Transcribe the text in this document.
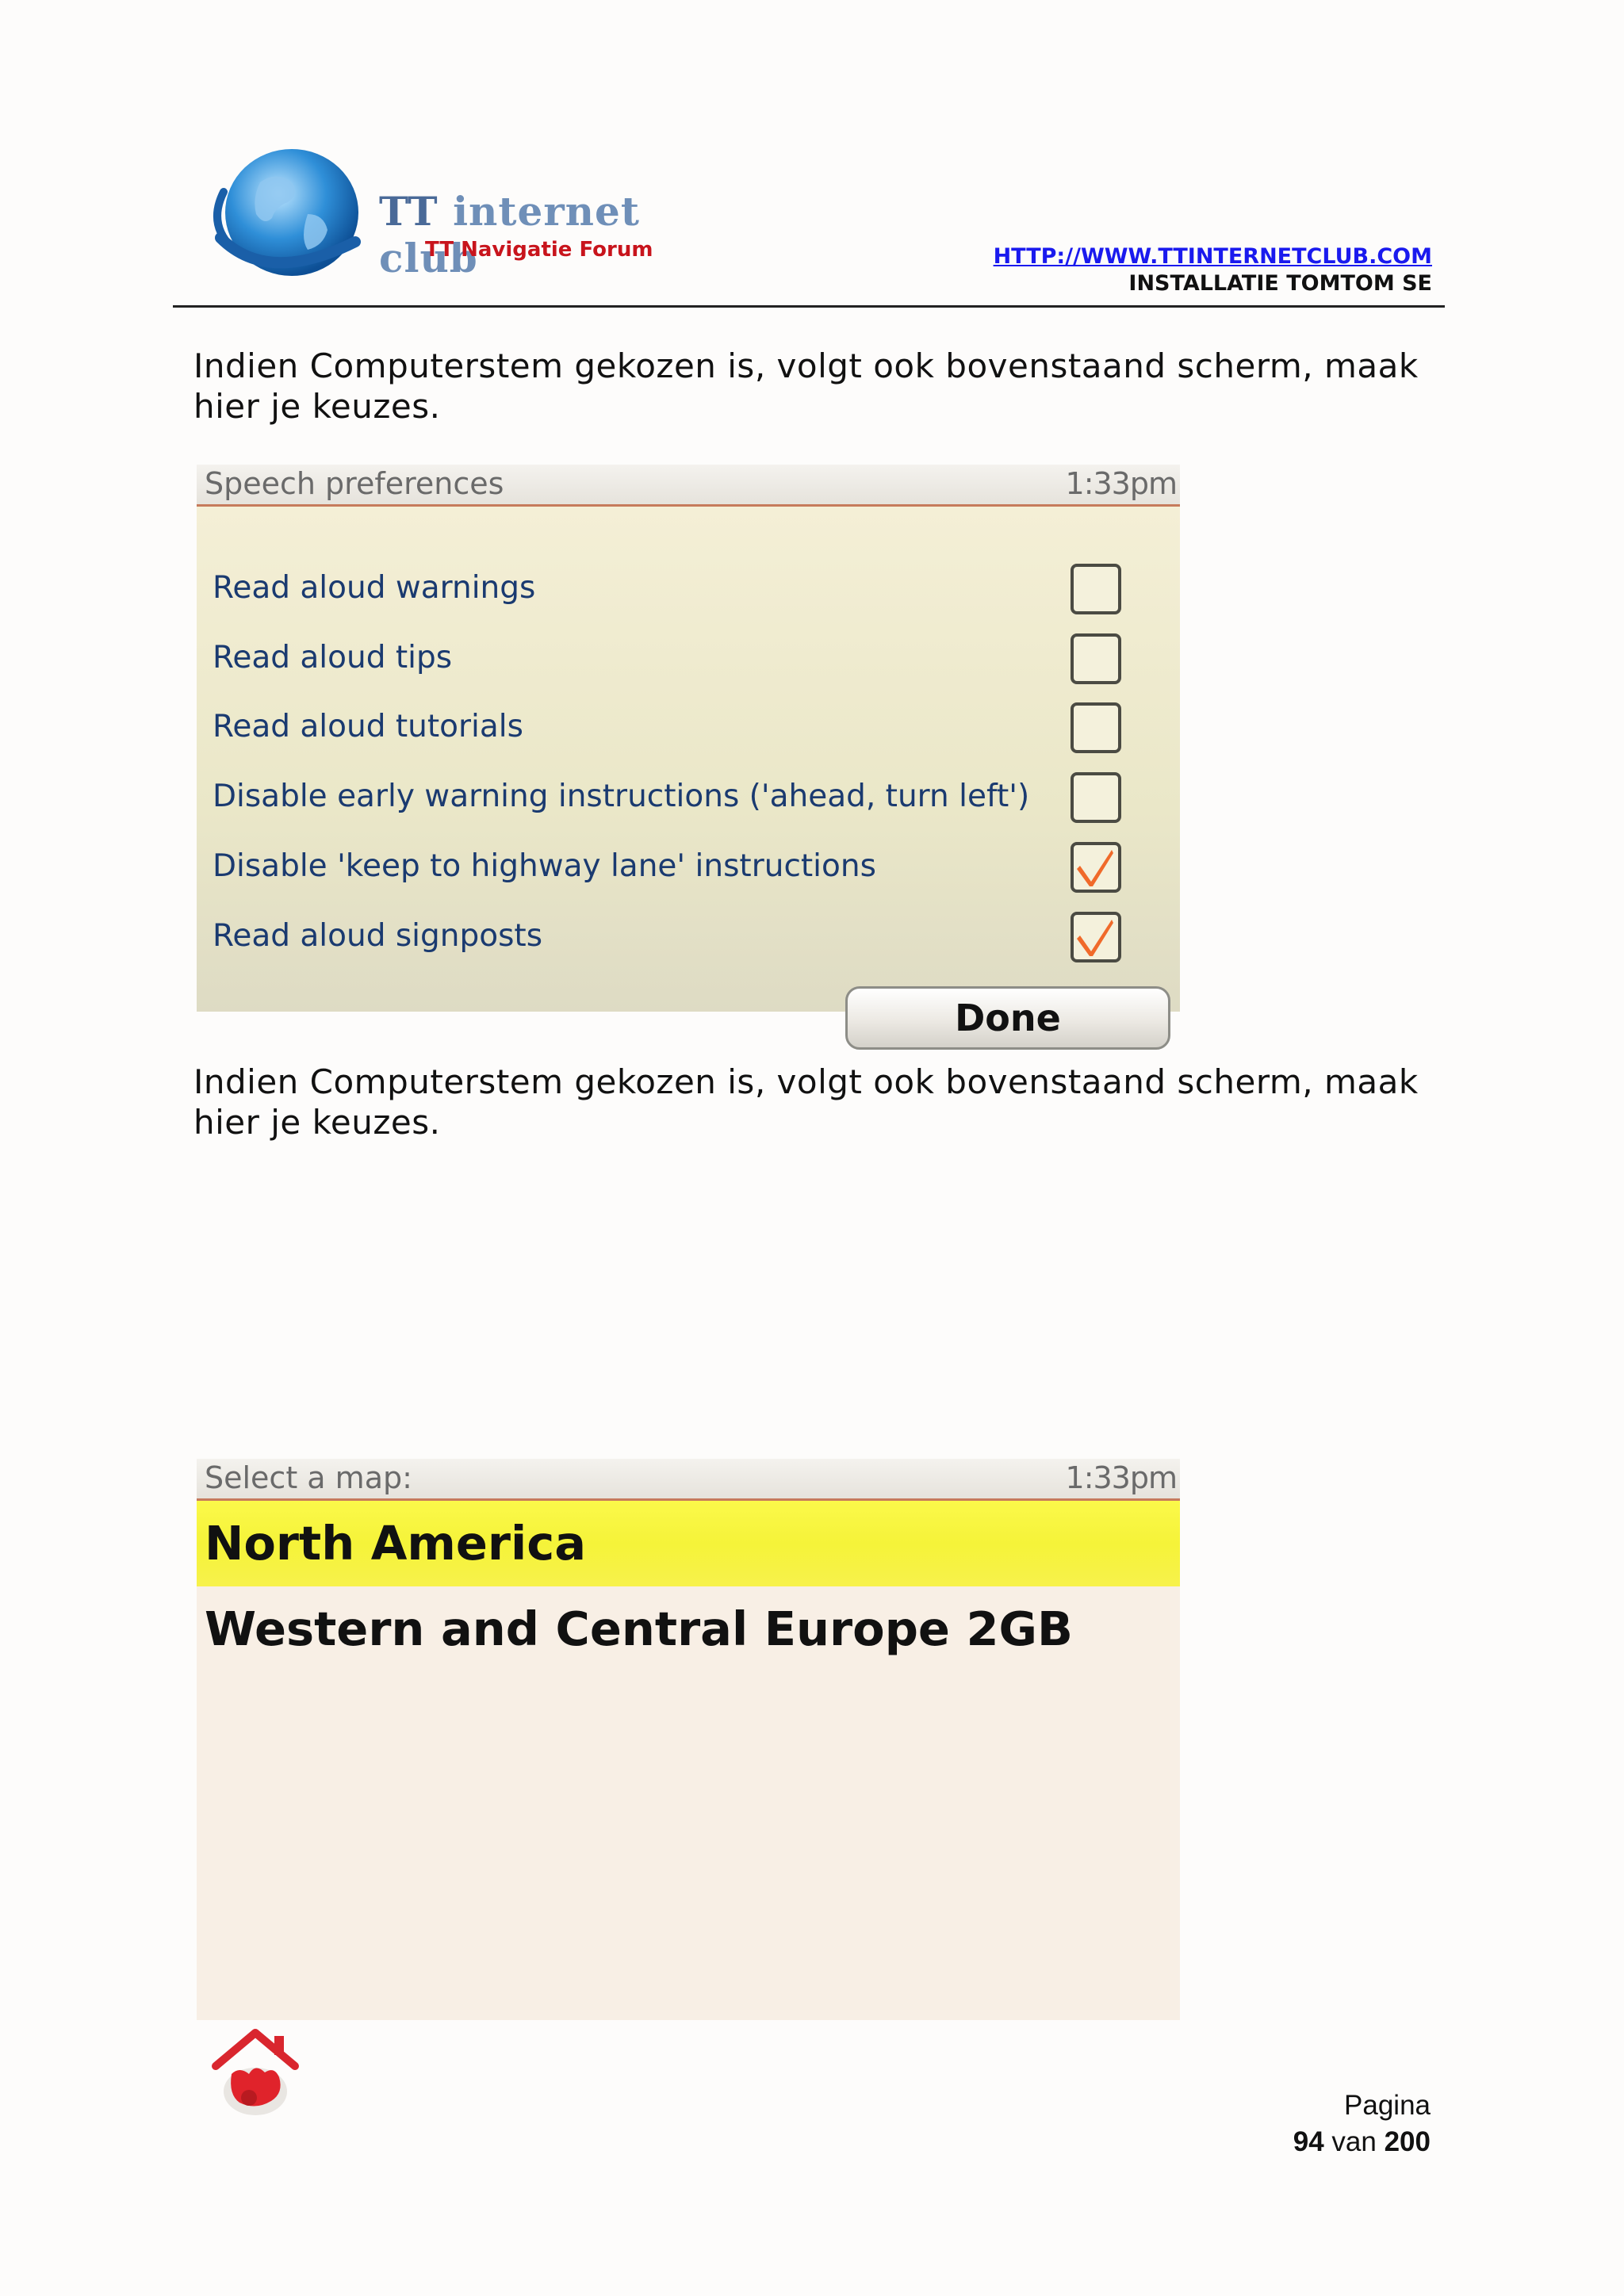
TT internet club
TT Navigatie Forum	HTTP://WWW.TTINTERNETCLUB.COM
INSTALLATIE TOMTOM SE
Indien Computerstem gekozen is, volgt ook bovenstaand scherm, maak hier je keuzes.
Speech preferences	1:33pm
Read aloud warnings
Read aloud tips
Read aloud tutorials
Disable early warning instructions ('ahead, turn left')
Disable 'keep to highway lane' instructions
Read aloud signposts
Done
Indien Computerstem gekozen is, volgt ook bovenstaand scherm, maak hier je keuzes.
Select a map:	1:33pm
North America
Western and Central Europe 2GB
Pagina
94 van 200
